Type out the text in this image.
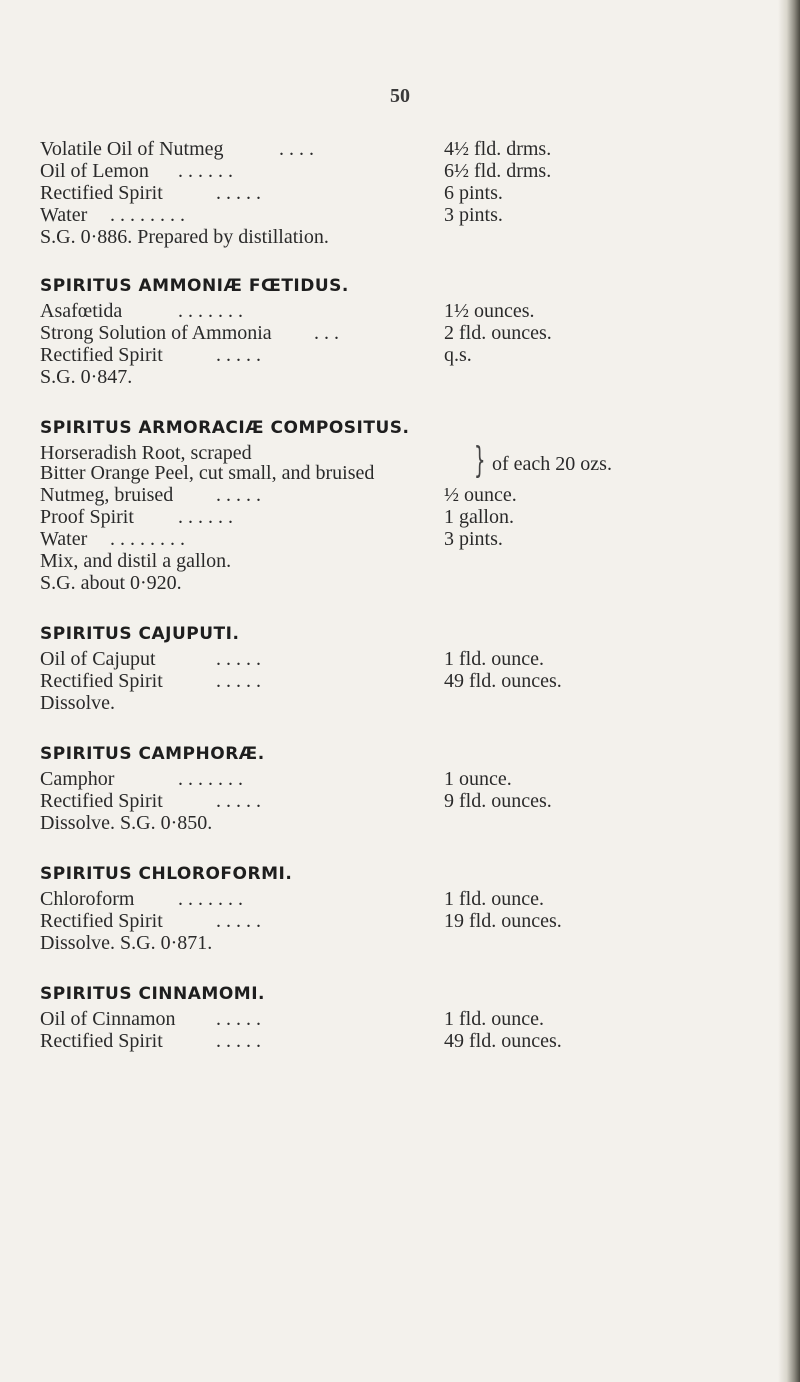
50
Volatile Oil of Nutmeg	. . . .	4½ fld. drms.
Oil of Lemon . . . . . .	6½ fld. drms.
Rectified Spirit	. . . . .	6 pints.
Water . . . . . . . .	3 pints.
S.G. 0·886. Prepared by distillation.
SPIRITUS AMMONIÆ FŒTIDUS.
Asafœtida	. . . . . . .	1½ ounces.
Strong Solution of Ammonia . . .	2 fld. ounces.
Rectified Spirit	. . . . .	q.s.
S.G. 0·847.
SPIRITUS ARMORACIÆ COMPOSITUS.
Horseradish Root, scraped
Bitter Orange Peel, cut small, and bruised	} of each 20 ozs.
Nutmeg, bruised . . . . .	½ ounce.
Proof Spirit . . . . . .	1 gallon.
Water . . . . . . . .	3 pints.
Mix, and distil a gallon.
S.G. about 0·920.
SPIRITUS CAJUPUTI.
Oil of Cajuput	. . . . .	1 fld. ounce.
Rectified Spirit	. . . . .	49 fld. ounces.
Dissolve.
SPIRITUS CAMPHORÆ.
Camphor	. . . . . . .	1 ounce.
Rectified Spirit	. . . . .	9 fld. ounces.
Dissolve. S.G. 0·850.
SPIRITUS CHLOROFORMI.
Chloroform . . . . . . .	1 fld. ounce.
Rectified Spirit	. . . . .	19 fld. ounces.
Dissolve. S.G. 0·871.
SPIRITUS CINNAMOMI.
Oil of Cinnamon . . . . .	1 fld. ounce.
Rectified Spirit	. . . . .	49 fld. ounces.
